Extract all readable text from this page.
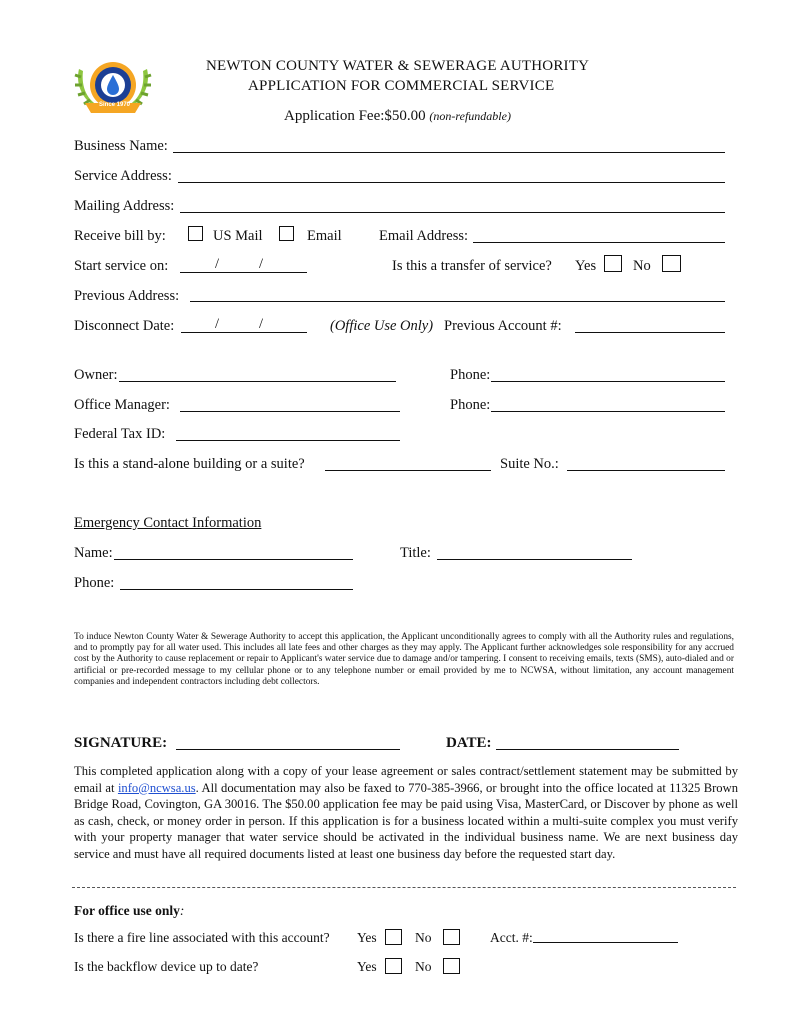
Since 1970
NEWTON COUNTY WATER & SEWERAGE AUTHORITY
APPLICATION FOR COMMERCIAL SERVICE
Application Fee:$50.00 (non-refundable)
Business Name:
Service Address:
Mailing Address:
Receive bill by:	US Mail	Email	Email Address:
Start service on:	/	/	Is this a transfer of service? Yes	No
Previous Address:
Disconnect Date:	/	/	(Office Use Only) Previous Account #:
Owner:	Phone:
Office Manager:	Phone:
Federal Tax ID:
Is this a stand-alone building or a suite?	Suite No.:
Emergency Contact Information
Name:	Title:
Phone:
To induce Newton County Water & Sewerage Authority to accept this application, the Applicant unconditionally agrees to comply with all the Authority rules and regulations, and to promptly pay for all water used. This includes all late fees and other charges as they may apply. The Applicant further acknowledges sole responsibility for any accrued cost by the Authority to cause replacement or repair to Applicant's water service due to damage and/or tampering. I consent to receiving emails, texts (SMS), auto-dialed and or artificial or pre-recorded message to my cellular phone or to any telephone number or email provided by me to NCWSA, without limitation, any account management companies and independent contractors including debt collectors.
SIGNATURE:	DATE:
This completed application along with a copy of your lease agreement or sales contract/settlement statement may be submitted by email at info@ncwsa.us. All documentation may also be faxed to 770-385-3966, or brought into the office located at 11325 Brown Bridge Road, Covington, GA 30016. The $50.00 application fee may be paid using Visa, MasterCard, or Discover by phone as well as cash, check, or money order in person. If this application is for a business located within a multi-suite complex you must verify with your property manager that water service should be activated in the individual business name. We are next business day service and must have all required documents listed at least one business day before the requested start day.
For office use only:
Is there a fire line associated with this account? Yes	No	Acct. #:
Is the backflow device up to date?	Yes	No
